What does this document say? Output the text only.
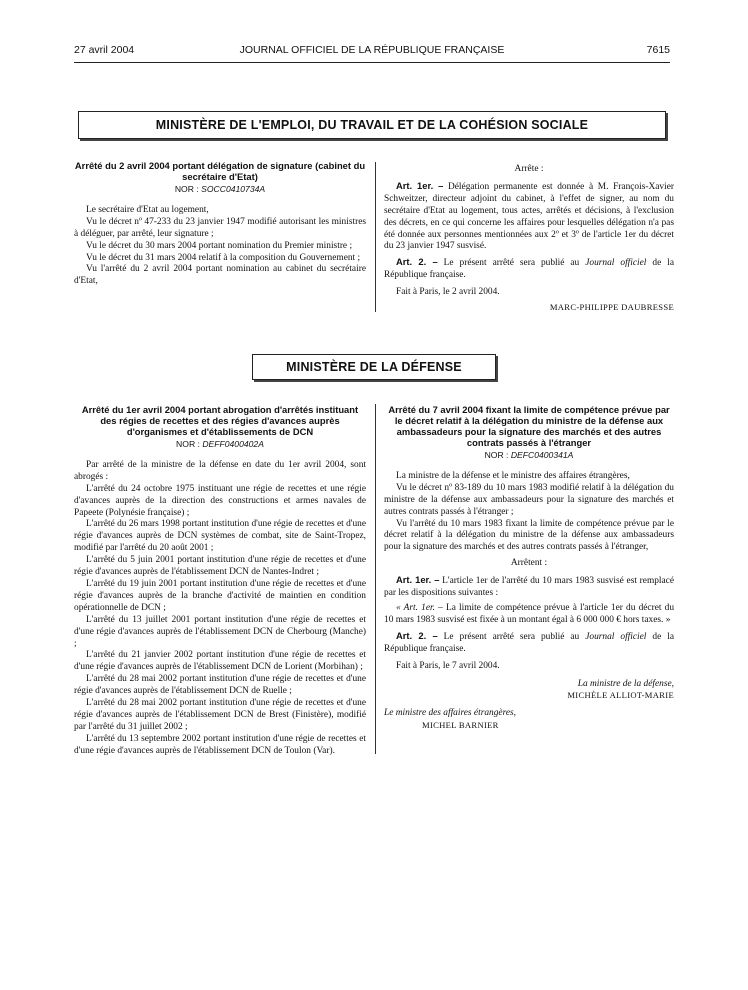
27 avril 2004	JOURNAL OFFICIEL DE LA RÉPUBLIQUE FRANÇAISE	7615
MINISTÈRE DE L'EMPLOI, DU TRAVAIL ET DE LA COHÉSION SOCIALE
Arrêté du 2 avril 2004 portant délégation de signature (cabinet du secrétaire d'Etat)
NOR : SOCC0410734A

Le secrétaire d'Etat au logement,

Vu le décret nº 47-233 du 23 janvier 1947 modifié autorisant les ministres à déléguer, par arrêté, leur signature ;

Vu le décret du 30 mars 2004 portant nomination du Premier ministre ;

Vu le décret du 31 mars 2004 relatif à la composition du Gouvernement ;

Vu l'arrêté du 2 avril 2004 portant nomination au cabinet du secrétaire d'Etat,

Arrête :

Art. 1er. – Délégation permanente est donnée à M. François-Xavier Schweitzer, directeur adjoint du cabinet, à l'effet de signer, au nom du secrétaire d'Etat au logement, tous actes, arrêtés et décisions, à l'exclusion des décrets, en ce qui concerne les affaires pour lesquelles délégation n'a pas été donnée aux personnes mentionnées aux 2º et 3º de l'article 1er du décret du 23 janvier 1947 susvisé.

Art. 2. – Le présent arrêté sera publié au Journal officiel de la République française.

Fait à Paris, le 2 avril 2004.

MARC-PHILIPPE DAUBRESSE
MINISTÈRE DE LA DÉFENSE
Arrêté du 1er avril 2004 portant abrogation d'arrêtés instituant des régies de recettes et des régies d'avances auprès d'organismes et d'établissements de DCN
NOR : DEFF0400402A

Par arrêté de la ministre de la défense en date du 1er avril 2004, sont abrogés :

L'arrêté du 24 octobre 1975 instituant une régie de recettes et une régie d'avances auprès de la direction des constructions et armes navales de Papeete (Polynésie française) ;

L'arrêté du 26 mars 1998 portant institution d'une régie de recettes et d'une régie d'avances auprès de DCN systèmes de combat, site de Saint-Tropez, modifié par l'arrêté du 20 août 2001 ;

L'arrêté du 5 juin 2001 portant institution d'une régie de recettes et d'une régie d'avances auprès de l'établissement DCN de Nantes-Indret ;

L'arrêté du 19 juin 2001 portant institution d'une régie de recettes et d'une régie d'avances auprès de la branche d'activité de maintien en condition opérationnelle de DCN ;

L'arrêté du 13 juillet 2001 portant institution d'une régie de recettes et d'une régie d'avances auprès de l'établissement DCN de Cherbourg (Manche) ;

L'arrêté du 21 janvier 2002 portant institution d'une régie de recettes et d'une régie d'avances auprès de l'établissement DCN de Lorient (Morbihan) ;

L'arrêté du 28 mai 2002 portant institution d'une régie de recettes et d'une régie d'avances auprès de l'établissement DCN de Ruelle ;

L'arrêté du 28 mai 2002 portant institution d'une régie de recettes et d'une régie d'avances auprès de l'établissement DCN de Brest (Finistère), modifié par l'arrêté du 31 juillet 2002 ;

L'arrêté du 13 septembre 2002 portant institution d'une régie de recettes et d'une régie d'avances auprès de l'établissement DCN de Toulon (Var).

Arrêté du 7 avril 2004 fixant la limite de compétence prévue par le décret relatif à la délégation du ministre de la défense aux ambassadeurs pour la signature des marchés et des autres contrats passés à l'étranger
NOR : DEFC0400341A

La ministre de la défense et le ministre des affaires étrangères,

Vu le décret nº 83-189 du 10 mars 1983 modifié relatif à la délégation du ministre de la défense aux ambassadeurs pour la signature des marchés et autres contrats passés à l'étranger ;

Vu l'arrêté du 10 mars 1983 fixant la limite de compétence prévue par le décret relatif à la délégation du ministre de la défense aux ambassadeurs pour la signature des marchés et des autres contrats passés à l'étranger,

Arrêtent :

Art. 1er. – L'article 1er de l'arrêté du 10 mars 1983 susvisé est remplacé par les dispositions suivantes :

« Art. 1er. – La limite de compétence prévue à l'article 1er du décret du 10 mars 1983 susvisé est fixée à un montant égal à 6 000 000 € hors taxes. »

Art. 2. – Le présent arrêté sera publié au Journal officiel de la République française.

Fait à Paris, le 7 avril 2004.

La ministre de la défense,
MICHÈLE ALLIOT-MARIE

Le ministre des affaires étrangères,

MICHEL BARNIER
